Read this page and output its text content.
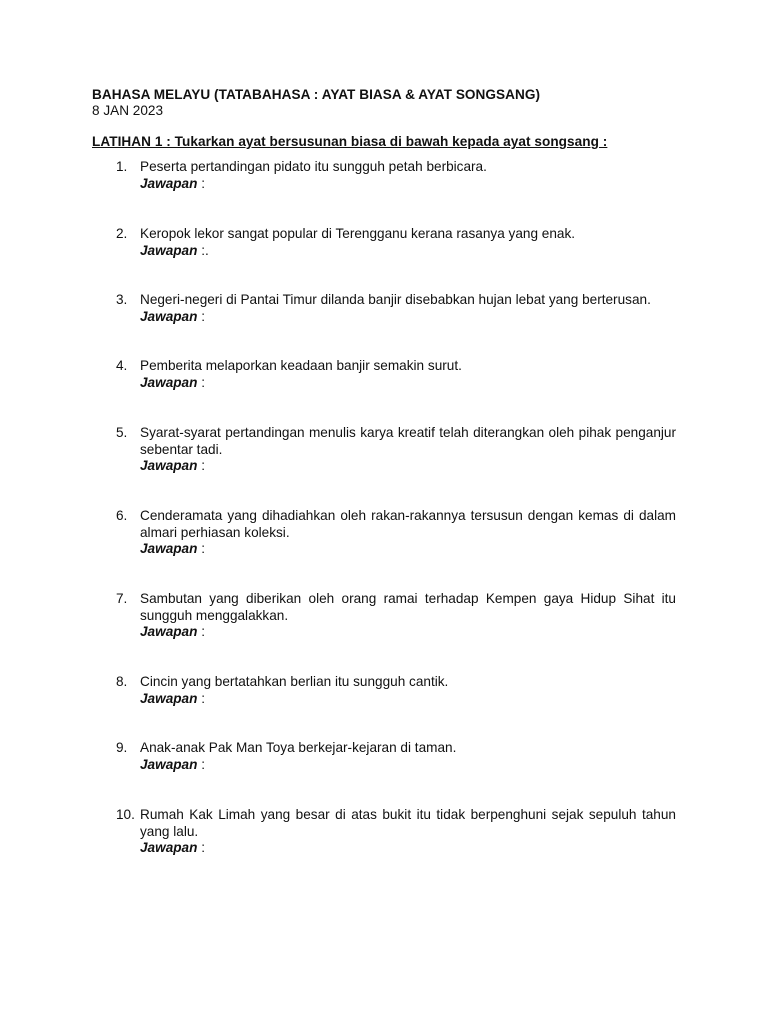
BAHASA MELAYU (TATABAHASA : AYAT BIASA & AYAT SONGSANG)
8 JAN 2023
LATIHAN 1 : Tukarkan ayat bersusunan biasa di bawah kepada ayat songsang :
1. Peserta pertandingan pidato itu sungguh petah berbicara.
Jawapan :
2. Keropok lekor sangat popular di Terengganu kerana rasanya yang enak.
Jawapan :.
3. Negeri-negeri di Pantai Timur dilanda banjir disebabkan hujan lebat yang berterusan.
Jawapan :
4. Pemberita melaporkan keadaan banjir semakin surut.
Jawapan :
5. Syarat-syarat pertandingan menulis karya kreatif telah diterangkan oleh pihak penganjur sebentar tadi.
Jawapan :
6. Cenderamata yang dihadiahkan oleh rakan-rakannya tersusun dengan kemas di dalam almari perhiasan koleksi.
Jawapan :
7. Sambutan yang diberikan oleh orang ramai terhadap Kempen gaya Hidup Sihat itu sungguh menggalakkan.
Jawapan :
8. Cincin yang bertatahkan berlian itu sungguh cantik.
Jawapan :
9. Anak-anak Pak Man Toya berkejar-kejaran di taman.
Jawapan :
10. Rumah Kak Limah yang besar di atas bukit itu tidak berpenghuni sejak sepuluh tahun yang lalu.
Jawapan :
